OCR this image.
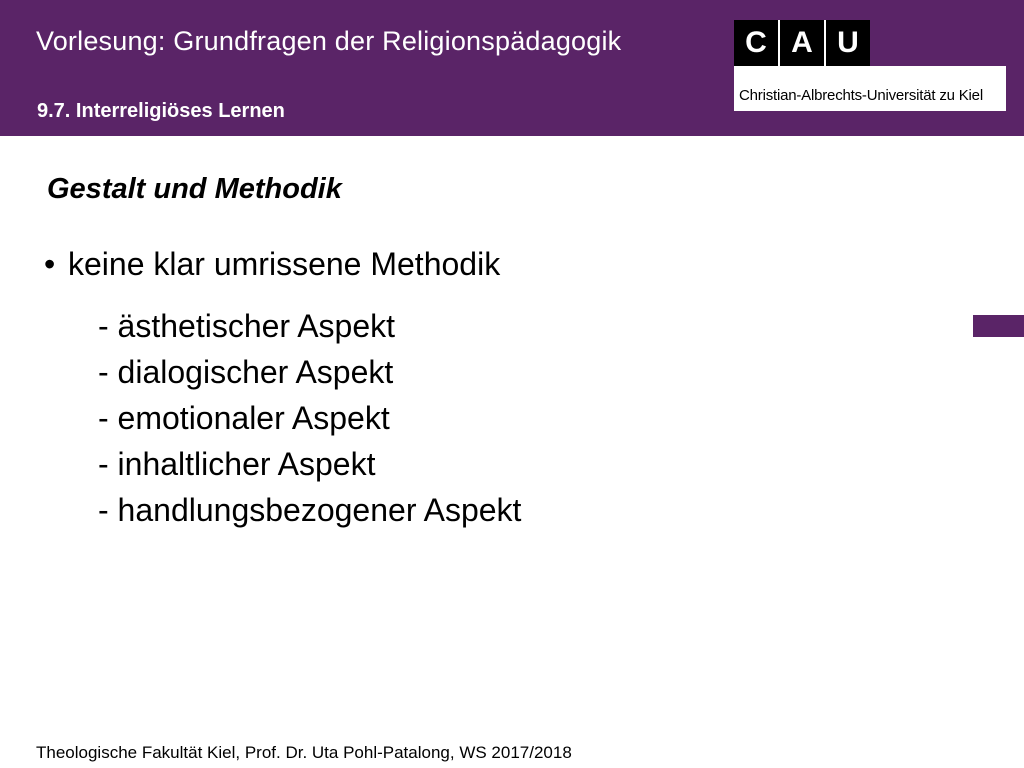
Vorlesung: Grundfragen der Religionspädagogik
9.7. Interreligiöses Lernen
C A U
Christian-Albrechts-Universität zu Kiel
Gestalt und Methodik
• keine klar umrissene Methodik
- ästhetischer Aspekt
- dialogischer Aspekt
- emotionaler Aspekt
- inhaltlicher Aspekt
- handlungsbezogener Aspekt
Theologische Fakultät Kiel, Prof. Dr. Uta Pohl-Patalong, WS 2017/2018
